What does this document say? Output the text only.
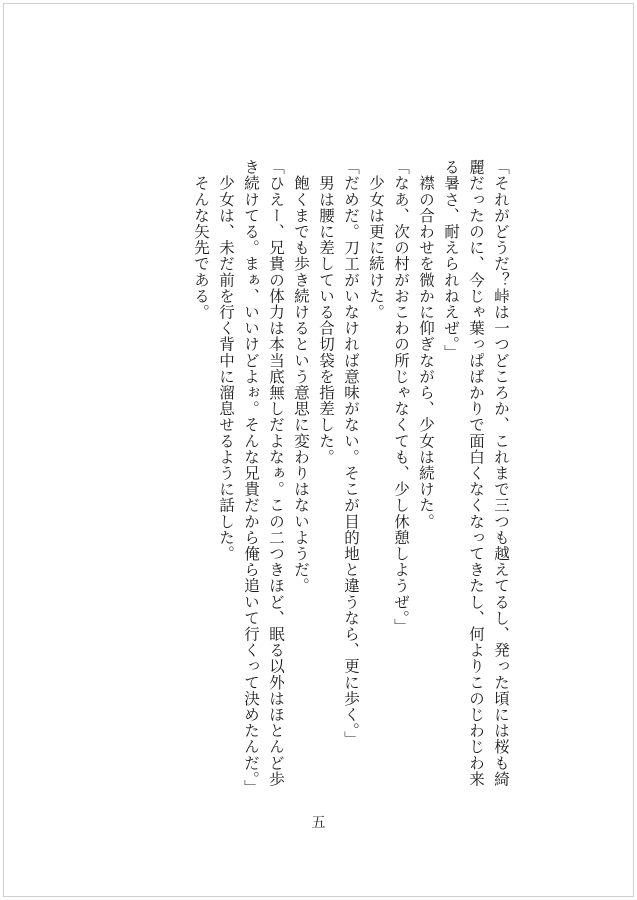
「それがどうだ？峠は一つどころか、これまで三つも越えてるし、発った頃には桜も綺
麗だったのに、今じゃ葉っぱばかりで面白くなくなってきたし、何よりこのじわじわ来
る暑さ、耐えられねえぜ。」
　襟の合わせを微かに仰ぎながら、少女は続けた。
「なあ、次の村がおこわの所じゃなくても、少し休憩しようぜ。」
　少女は更に続けた。
「だめだ。刀工がいなければ意味がない。そこが目的地と違うなら、更に歩く。」
　男は腰に差している合切袋を指差した。
　飽くまでも歩き続けるという意思に変わりはないようだ。
「ひえー、兄貴の体力は本当底無しだよなぁ。この二つきほど、眠る以外はほとんど歩
き続けてる。まぁ、いいけどよぉ。そんな兄貴だから俺ら追いて行くって決めたんだ。」
　少女は、未だ前を行く背中に溜息せるように話した。
　そんな矢先である。
五
